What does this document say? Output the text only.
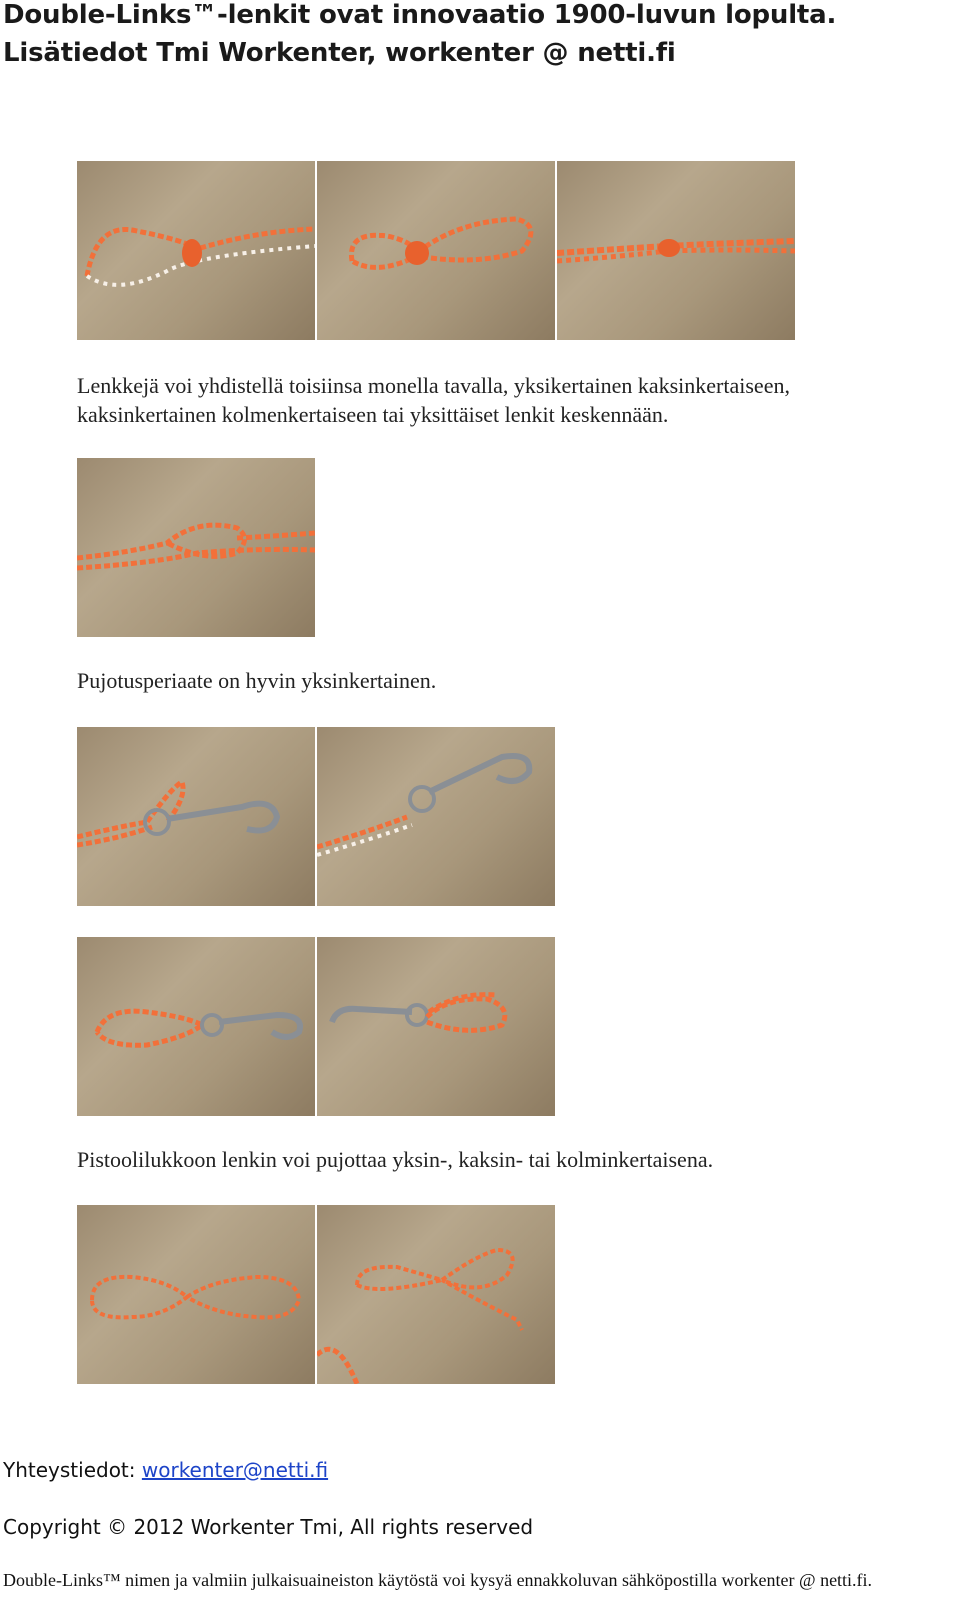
Double-Links™-lenkit ovat innovaatio 1900-luvun lopulta.
Lisätiedot Tmi Workenter, workenter @ netti.fi
Lenkkejä voi yhdistellä toisiinsa monella tavalla, yksikertainen kaksinkertaiseen,
kaksinkertainen kolmenkertaiseen tai yksittäiset lenkit keskennään.
Pujotusperiaate on hyvin yksinkertainen.
Pistoolilukkoon lenkin voi pujottaa yksin-, kaksin- tai kolminkertaisena.
Yhteystiedot: workenter@netti.fi
Copyright © 2012 Workenter Tmi, All rights reserved
Double-Links™ nimen ja valmiin julkaisuaineiston käytöstä voi kysyä ennakkoluvan sähköpostilla workenter @ netti.fi.
